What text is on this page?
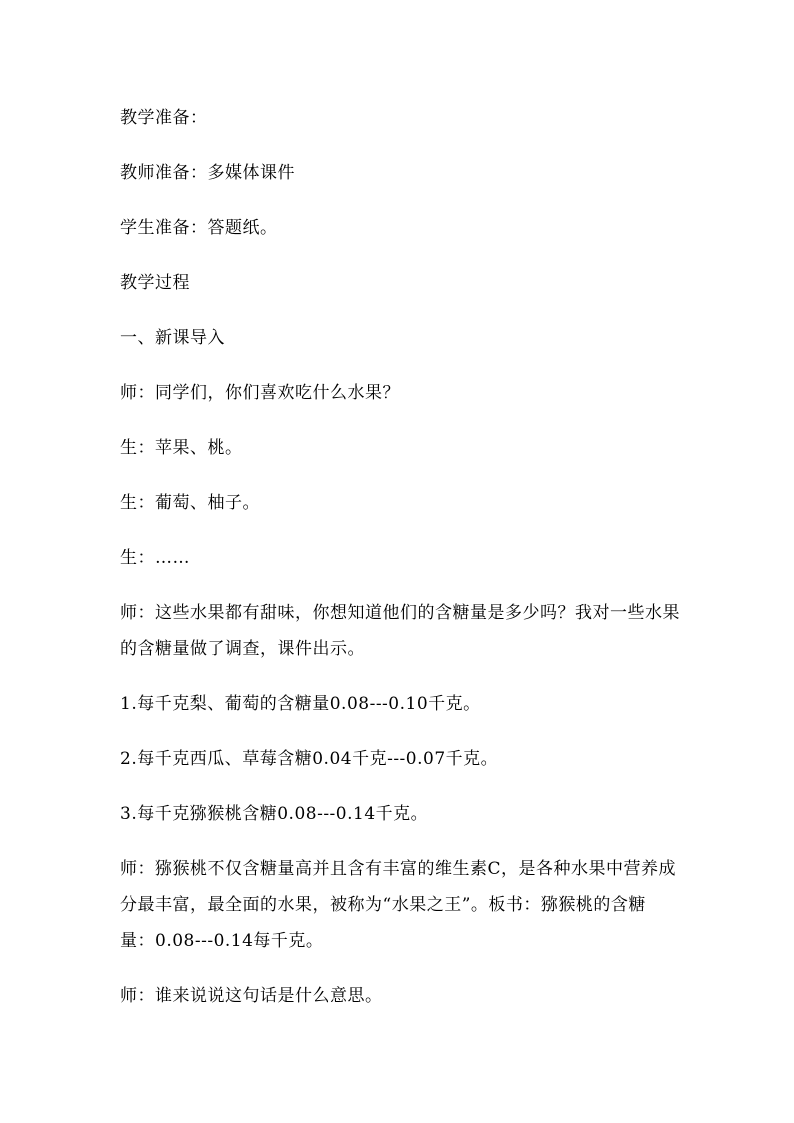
教学准备：

教师准备：多媒体课件

学生准备：答题纸。

教学过程

一、新课导入

师：同学们，你们喜欢吃什么水果？

生：苹果、桃。

生：葡萄、柚子。

生：……

师：这些水果都有甜味，你想知道他们的含糖量是多少吗？我对一些水果的含糖量做了调查，课件出示。

1.每千克梨、葡萄的含糖量0.08---0.10千克。

2.每千克西瓜、草莓含糖0.04千克---0.07千克。

3.每千克猕猴桃含糖0.08---0.14千克。

师：猕猴桃不仅含糖量高并且含有丰富的维生素C，是各种水果中营养成分最丰富，最全面的水果，被称为“水果之王”。板书：猕猴桃的含糖量：0.08---0.14每千克。

师：谁来说说这句话是什么意思。
